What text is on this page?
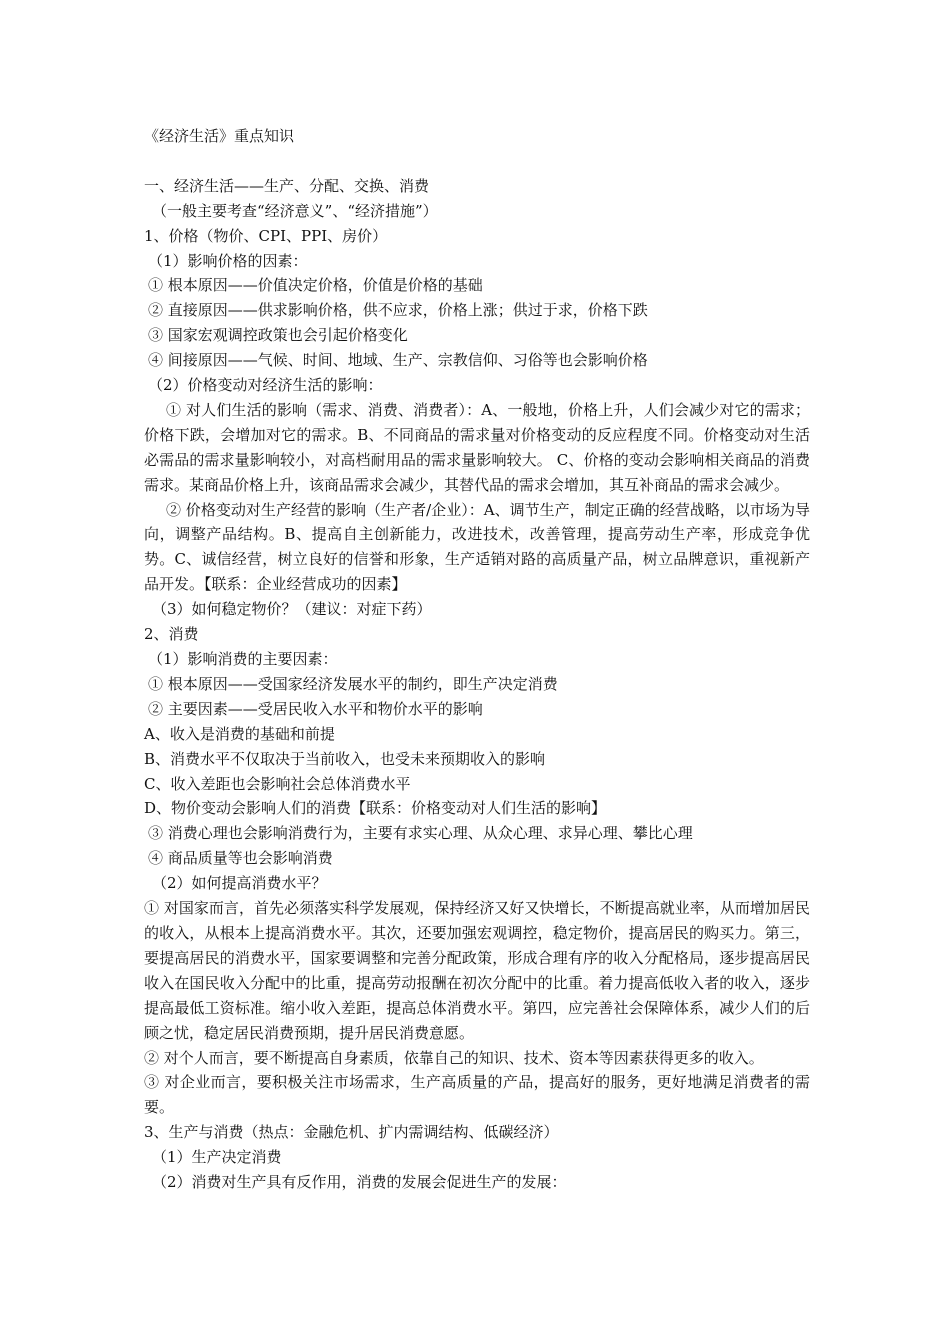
《经济生活》重点知识

一、经济生活——生产、分配、交换、消费

（一般主要考查“经济意义”、“经济措施”）

1、价格（物价、CPI、PPI、房价）

（1）影响价格的因素：

① 根本原因——价值决定价格，价值是价格的基础

② 直接原因——供求影响价格，供不应求，价格上涨；供过于求，价格下跌

③ 国家宏观调控政策也会引起价格变化

④ 间接原因——气候、时间、地域、生产、宗教信仰、习俗等也会影响价格

（2）价格变动对经济生活的影响：

① 对人们生活的影响（需求、消费、消费者）：A、一般地，价格上升，人们会减少对它的需求；价格下跌，会增加对它的需求。B、不同商品的需求量对价格变动的反应程度不同。价格变动对生活必需品的需求量影响较小，对高档耐用品的需求量影响较大。 C、价格的变动会影响相关商品的消费需求。某商品价格上升，该商品需求会减少，其替代品的需求会增加，其互补商品的需求会减少。

② 价格变动对生产经营的影响（生产者/企业）：A、调节生产，制定正确的经营战略，以市场为导向，调整产品结构。B、提高自主创新能力，改进技术，改善管理，提高劳动生产率，形成竞争优势。C、诚信经营，树立良好的信誉和形象，生产适销对路的高质量产品，树立品牌意识，重视新产品开发。【联系：企业经营成功的因素】

（3）如何稳定物价？（建议：对症下药）

2、消费

（1）影响消费的主要因素：

① 根本原因——受国家经济发展水平的制约，即生产决定消费

② 主要因素——受居民收入水平和物价水平的影响

A、收入是消费的基础和前提

B、消费水平不仅取决于当前收入，也受未来预期收入的影响

C、收入差距也会影响社会总体消费水平

D、物价变动会影响人们的消费【联系：价格变动对人们生活的影响】

③ 消费心理也会影响消费行为，主要有求实心理、从众心理、求异心理、攀比心理

④ 商品质量等也会影响消费

（2）如何提高消费水平？

① 对国家而言，首先必须落实科学发展观，保持经济又好又快增长，不断提高就业率，从而增加居民的收入，从根本上提高消费水平。其次，还要加强宏观调控，稳定物价，提高居民的购买力。第三，要提高居民的消费水平，国家要调整和完善分配政策，形成合理有序的收入分配格局，逐步提高居民收入在国民收入分配中的比重，提高劳动报酬在初次分配中的比重。着力提高低收入者的收入，逐步提高最低工资标准。缩小收入差距，提高总体消费水平。第四，应完善社会保障体系，减少人们的后顾之忧，稳定居民消费预期，提升居民消费意愿。

② 对个人而言，要不断提高自身素质，依靠自己的知识、技术、资本等因素获得更多的收入。

③ 对企业而言，要积极关注市场需求，生产高质量的产品，提高好的服务，更好地满足消费者的需要。

3、生产与消费（热点：金融危机、扩内需调结构、低碳经济）

（1）生产决定消费

（2）消费对生产具有反作用，消费的发展会促进生产的发展：
